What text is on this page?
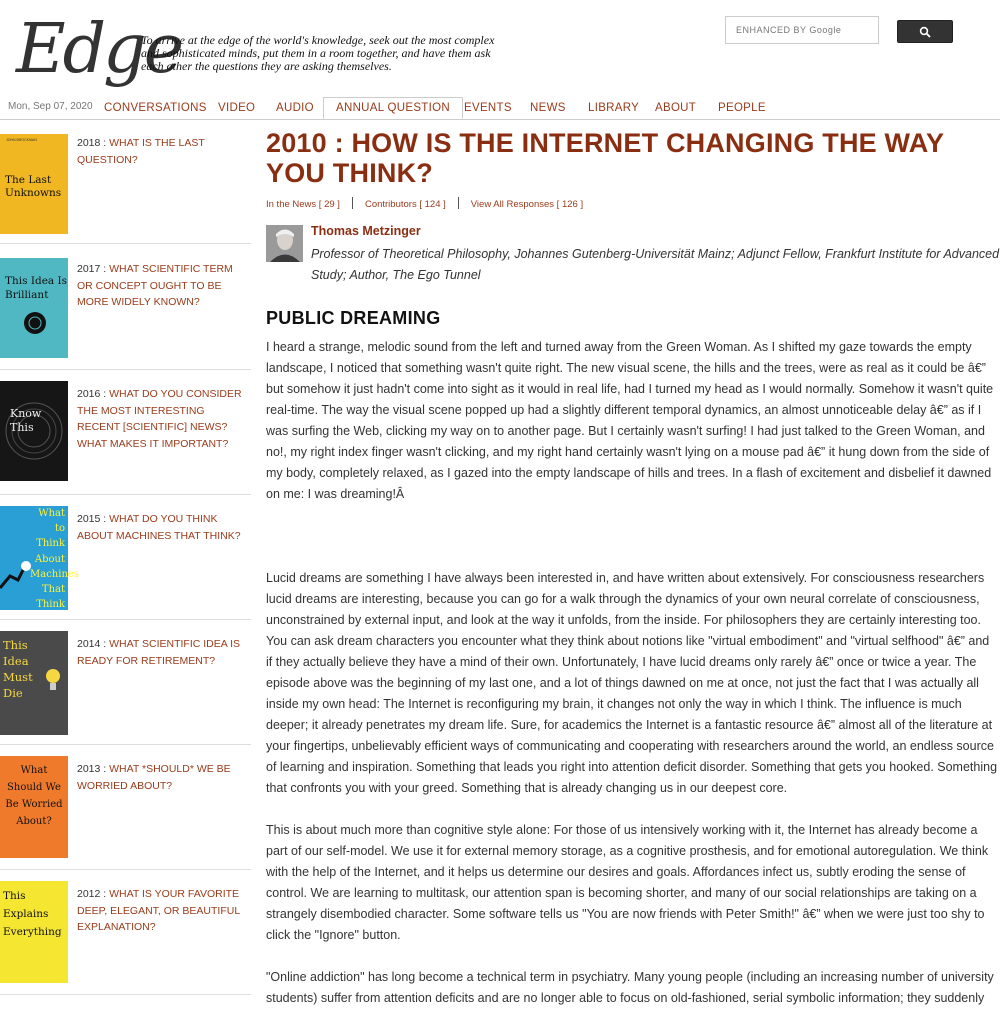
Edge
To arrive at the edge of the world's knowledge, seek out the most complex and sophisticated minds, put them in a room together, and have them ask each other the questions they are asking themselves.
ENHANCED BY Google
Mon, Sep 07, 2020 CONVERSATIONS VIDEO AUDIO	ANNUAL QUESTION	EVENTS NEWS LIBRARY ABOUT PEOPLE
JOHN BROCKMAN
The Last
Unknowns
2018 : WHAT IS THE LAST QUESTION?
This Idea Is
Brilliant
2017 : WHAT SCIENTIFIC TERM OR CONCEPT OUGHT TO BE MORE WIDELY KNOWN?
Know This
2016 : WHAT DO YOU CONSIDER THE MOST INTERESTING RECENT [SCIENTIFIC] NEWS? WHAT MAKES IT IMPORTANT?
What to
Think
About
Machines
That
Think
2015 : WHAT DO YOU THINK ABOUT MACHINES THAT THINK?
This
Idea
Must
Die
2014 : WHAT SCIENTIFIC IDEA IS READY FOR RETIREMENT?
What
Should We
Be Worried
About?
2013 : WHAT *SHOULD* WE BE WORRIED ABOUT?
This
Explains
Everything
2012 : WHAT IS YOUR FAVORITE DEEP, ELEGANT, OR BEAUTIFUL EXPLANATION?
2010 : HOW IS THE INTERNET CHANGING THE WAY YOU THINK?
In the News [ 29 ]	Contributors [ 124 ]	View All Responses [ 126 ]
Thomas Metzinger
Professor of Theoretical Philosophy, Johannes Gutenberg-Universität Mainz; Adjunct Fellow, Frankfurt Institute for Advanced Study; Author, The Ego Tunnel
PUBLIC DREAMING

I heard a strange, melodic sound from the left and turned away from the Green Woman. As I shifted my gaze towards the empty landscape, I noticed that something wasn't quite right. The new visual scene, the hills and the trees, were as real as it could be â€” but somehow it just hadn't come into sight as it would in real life, had I turned my head as I would normally. Somehow it wasn't quite real-time. The way the visual scene popped up had a slightly different temporal dynamics, an almost unnoticeable delay â€” as if I was surfing the Web, clicking my way on to another page. But I certainly wasn't surfing! I had just talked to the Green Woman, and no!, my right index finger wasn't clicking, and my right hand certainly wasn't lying on a mouse pad â€” it hung down from the side of my body, completely relaxed, as I gazed into the empty landscape of hills and trees. In a flash of excitement and disbelief it dawned on me: I was dreaming!Â

Lucid dreams are something I have always been interested in, and have written about extensively. For consciousness researchers lucid dreams are interesting, because you can go for a walk through the dynamics of your own neural correlate of consciousness, unconstrained by external input, and look at the way it unfolds, from the inside. For philosophers they are certainly interesting too. You can ask dream characters you encounter what they think about notions like "virtual embodiment" and "virtual selfhood" â€” and if they actually believe they have a mind of their own. Unfortunately, I have lucid dreams only rarely â€” once or twice a year. The episode above was the beginning of my last one, and a lot of things dawned on me at once, not just the fact that I was actually all inside my own head: The Internet is reconfiguring my brain, it changes not only the way in which I think. The influence is much deeper; it already penetrates my dream life. Sure, for academics the Internet is a fantastic resource â€” almost all of the literature at your fingertips, unbelievably efficient ways of communicating and cooperating with researchers around the world, an endless source of learning and inspiration. Something that leads you right into attention deficit disorder. Something that gets you hooked. Something that confronts you with your greed. Something that is already changing us in our deepest core.

This is about much more than cognitive style alone: For those of us intensively working with it, the Internet has already become a part of our self-model. We use it for external memory storage, as a cognitive prosthesis, and for emotional autoregulation. We think with the help of the Internet, and it helps us determine our desires and goals. Affordances infect us, subtly eroding the sense of control. We are learning to multitask, our attention span is becoming shorter, and many of our social relationships are taking on a strangely disembodied character. Some software tells us "You are now friends with Peter Smith!" â€” when we were just too shy to click the "Ignore" button.

"Online addiction" has long become a technical term in psychiatry. Many young people (including an increasing number of university students) suffer from attention deficits and are no longer able to focus on old-fashioned, serial symbolic information; they suddenly
